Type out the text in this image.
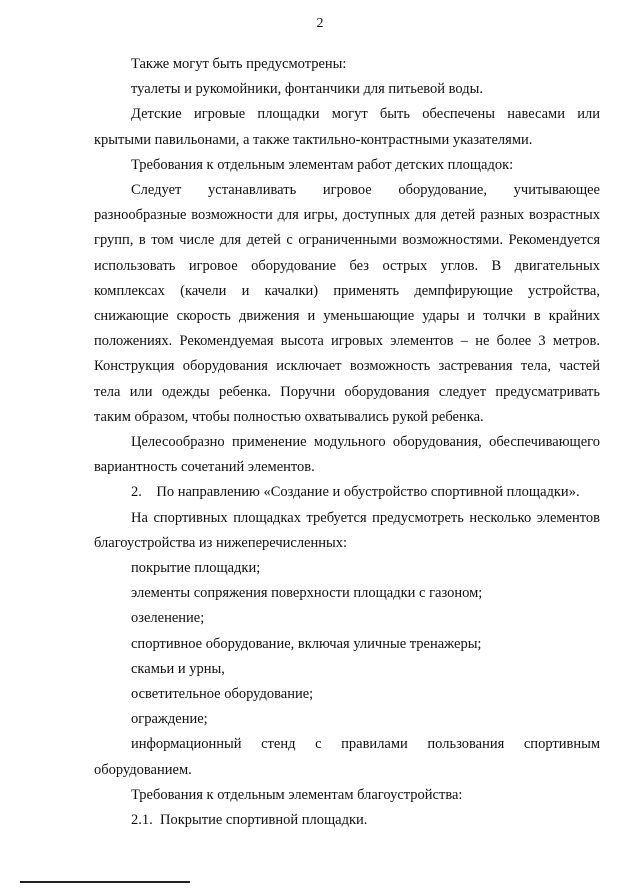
2

Также могут быть предусмотрены:

туалеты и рукомойники, фонтанчики для питьевой воды.

Детские игровые площадки могут быть обеспечены навесами или крытыми павильонами, а также тактильно-контрастными указателями.

Требования к отдельным элементам работ детских площадок:

Следует устанавливать игровое оборудование, учитывающее разнообразные возможности для игры, доступных для детей разных возрастных групп, в том числе для детей с ограниченными возможностями. Рекомендуется использовать игровое оборудование без острых углов. В двигательных комплексах (качели и качалки) применять демпфирующие устройства, снижающие скорость движения и уменьшающие удары и толчки в крайних положениях. Рекомендуемая высота игровых элементов – не более 3 метров. Конструкция оборудования исключает возможность застревания тела, частей тела или одежды ребенка. Поручни оборудования следует предусматривать таким образом, чтобы полностью охватывались рукой ребенка.

Целесообразно применение модульного оборудования, обеспечивающего вариантность сочетаний элементов.

2.    По направлению «Создание и обустройство спортивной площадки».

На спортивных площадках требуется предусмотреть несколько элементов благоустройства из нижеперечисленных:

покрытие площадки;

элементы сопряжения поверхности площадки с газоном;

озеленение;

спортивное оборудование, включая уличные тренажеры;

скамьи и урны,

осветительное оборудование;

ограждение;

информационный стенд с правилами пользования спортивным оборудованием.

Требования к отдельным элементам благоустройства:

2.1.  Покрытие спортивной площадки.
